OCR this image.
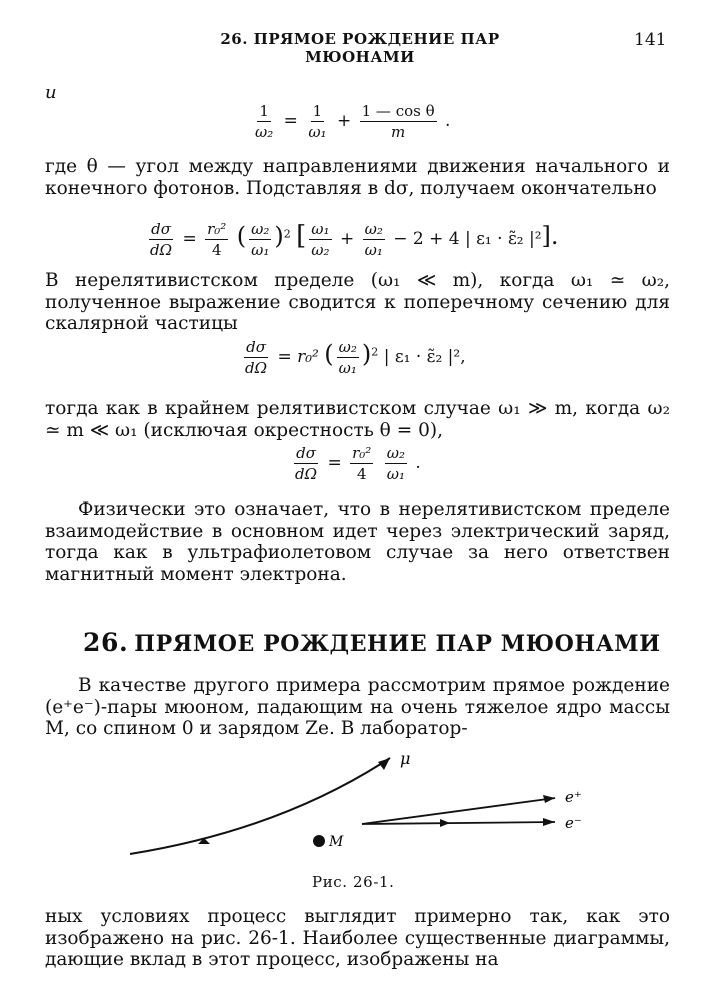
26. ПРЯМОЕ РОЖДЕНИЕ ПАР МЮОНАМИ
141
и
$\frac{1}{\text{ω₂}} = \frac{1}{\text{ω₁}} + \frac{\text{1 — cos θ}}{m}$ .
где θ — угол между направлениями движения начального и конечного фотонов. Подставляя в dσ, получаем окончательно
$\frac{d\sigma}{d\Omega} = \frac{\text{r₀²}}{4}$ ( $\frac{\text{ω₂}}{\text{ω₁}} )^2$ [ $\frac{\text{ω₁}}{\text{ω₂}} + \frac{\text{ω₂}}{\text{ω₁}} - 2 + 4$ | ε₁ · ε̃₂ |²].
В нерелятивистском пределе (ω₁ ≪ m), когда ω₁ ≃ ω₂, полученное выражение сводится к поперечному сечению для скалярной частицы
$\frac{d\sigma}{d\Omega} = r_0^2$ ( $\frac{\text{ω₂}}{\text{ω₁}} )^2$ | ε₁ · ε̃₂ |²,
тогда как в крайнем релятивистском случае ω₁ ≫ m, когда ω₂ ≃ m ≪ ω₁ (исключая окрестность θ = 0),
$\frac{d\sigma}{d\Omega} = \frac{\text{r₀²}}{4}$
$\frac{\text{ω₂}}{\text{ω₁}}$ .
Физически это означает, что в нерелятивистском пределе взаимодействие в основном идет через электрический заряд, тогда как в ультрафиолетовом случае за него ответствен магнитный момент электрона.
26. ПРЯМОЕ РОЖДЕНИЕ ПАР МЮОНАМИ
В качестве другого примера рассмотрим прямое рождение (e⁺e⁻)-пары мюоном, падающим на очень тяжелое ядро массы M, со спином 0 и зарядом Ze. В лаборатор-
M
μ
e⁺
e⁻
Рис. 26-1.
ных условиях процесс выглядит примерно так, как это изображено на рис. 26-1. Наиболее существенные диаграммы, дающие вклад в этот процесс, изображены на
